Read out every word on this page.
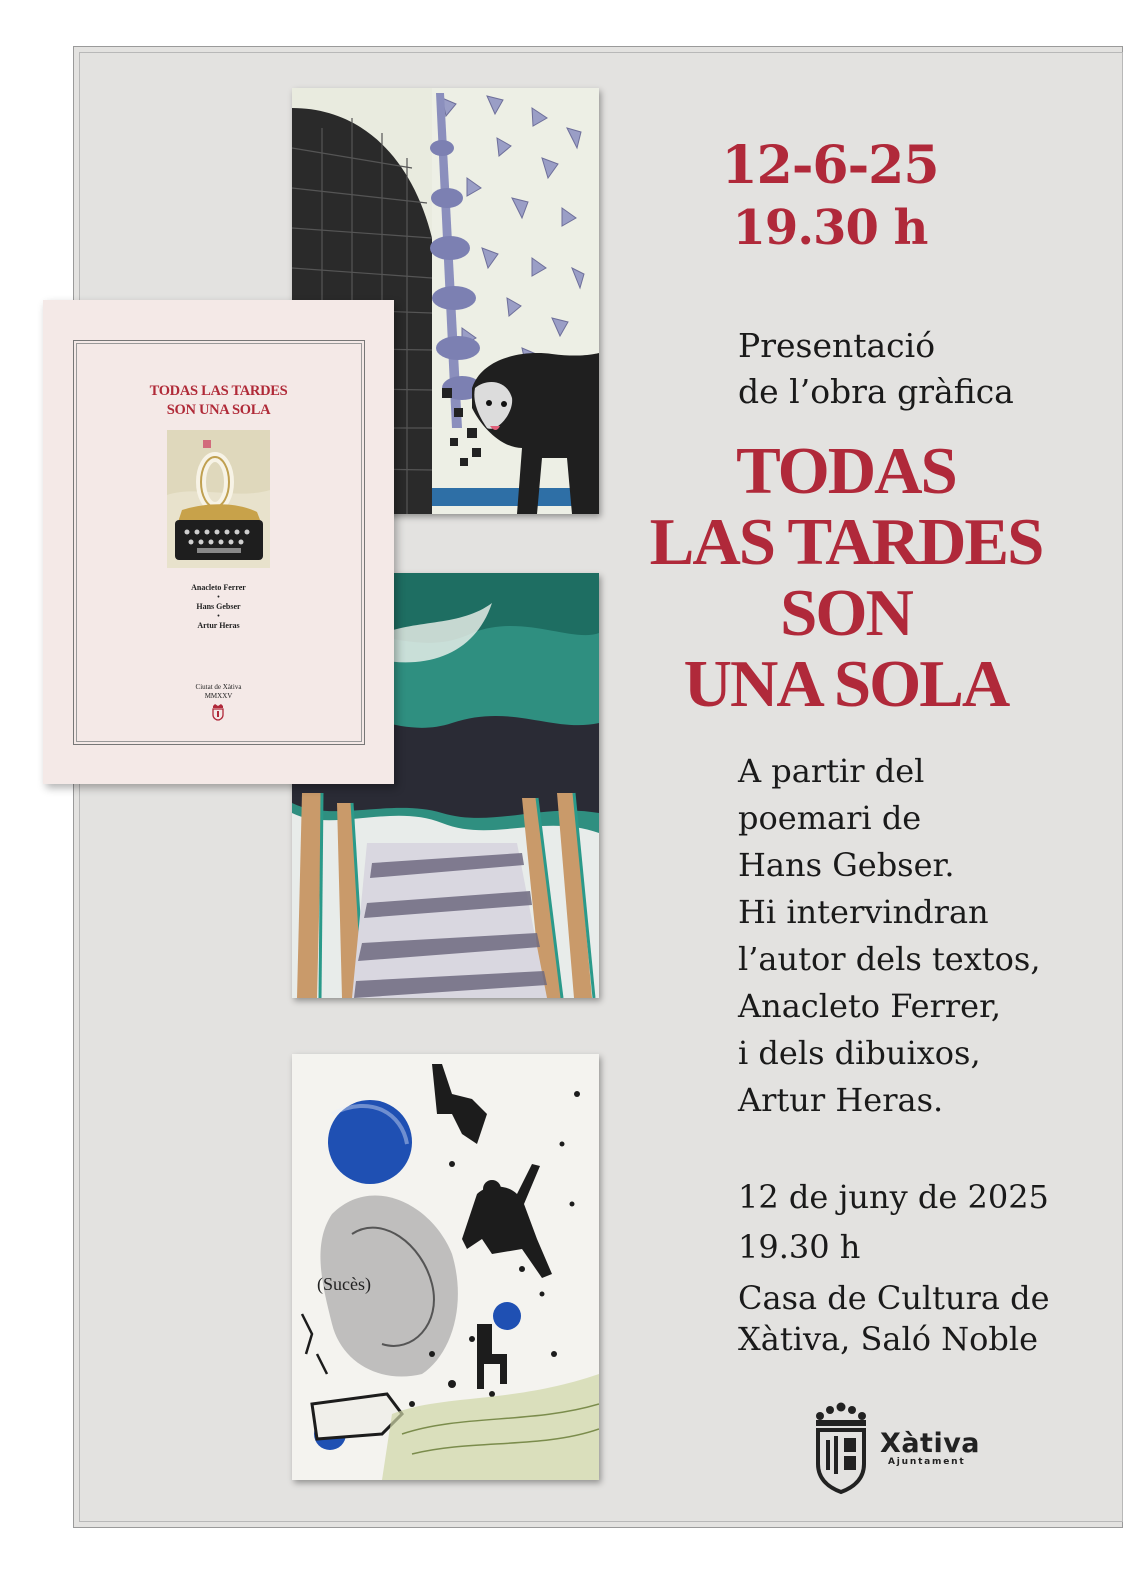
(Sucès)
TODAS LAS TARDES
SON UNA SOLA
Anacleto Ferrer
•
Hans Gebser
•
Artur Heras
Ciutat de Xàtiva
MMXXV
12-6-25
19.30 h
Presentació
de l’obra gràfica
TODAS
LAS TARDES
SON
UNA SOLA
A partir del
poemari de
Hans Gebser.
Hi intervindran
l’autor dels textos,
Anacleto Ferrer,
i dels dibuixos,
Artur Heras.
12 de juny de 2025
19.30 h
Casa de Cultura de
Xàtiva, Saló Noble
Xàtiva
Ajuntament
